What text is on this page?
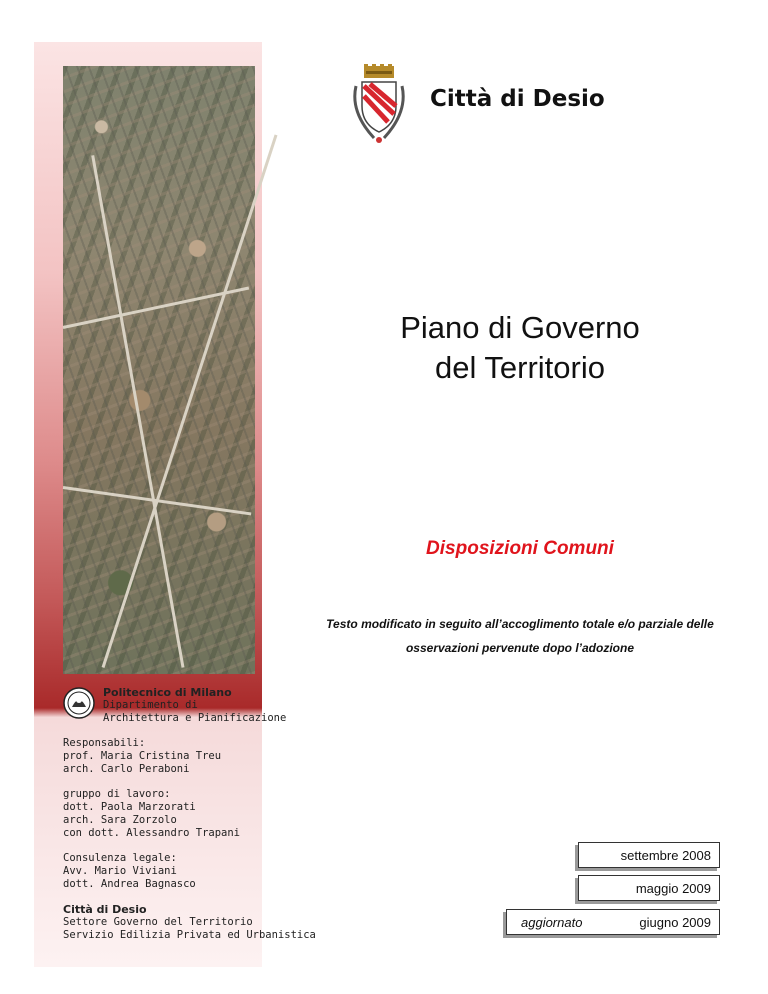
Città di Desio
Piano di Governo
del Territorio
Disposizioni Comuni
Testo modificato in seguito all’accoglimento totale e/o parziale delle
osservazioni pervenute dopo l’adozione
Politecnico di Milano
Dipartimento di
Architettura e Pianificazione
Responsabili:
prof. Maria Cristina Treu
arch. Carlo Peraboni
gruppo di lavoro:
dott. Paola Marzorati
arch. Sara Zorzolo
con dott. Alessandro Trapani
Consulenza legale:
Avv. Mario Viviani
dott. Andrea Bagnasco
Città di Desio
Settore Governo del Territorio
Servizio Edilizia Privata ed Urbanistica
settembre 2008
maggio 2009
aggiornato	giugno 2009
